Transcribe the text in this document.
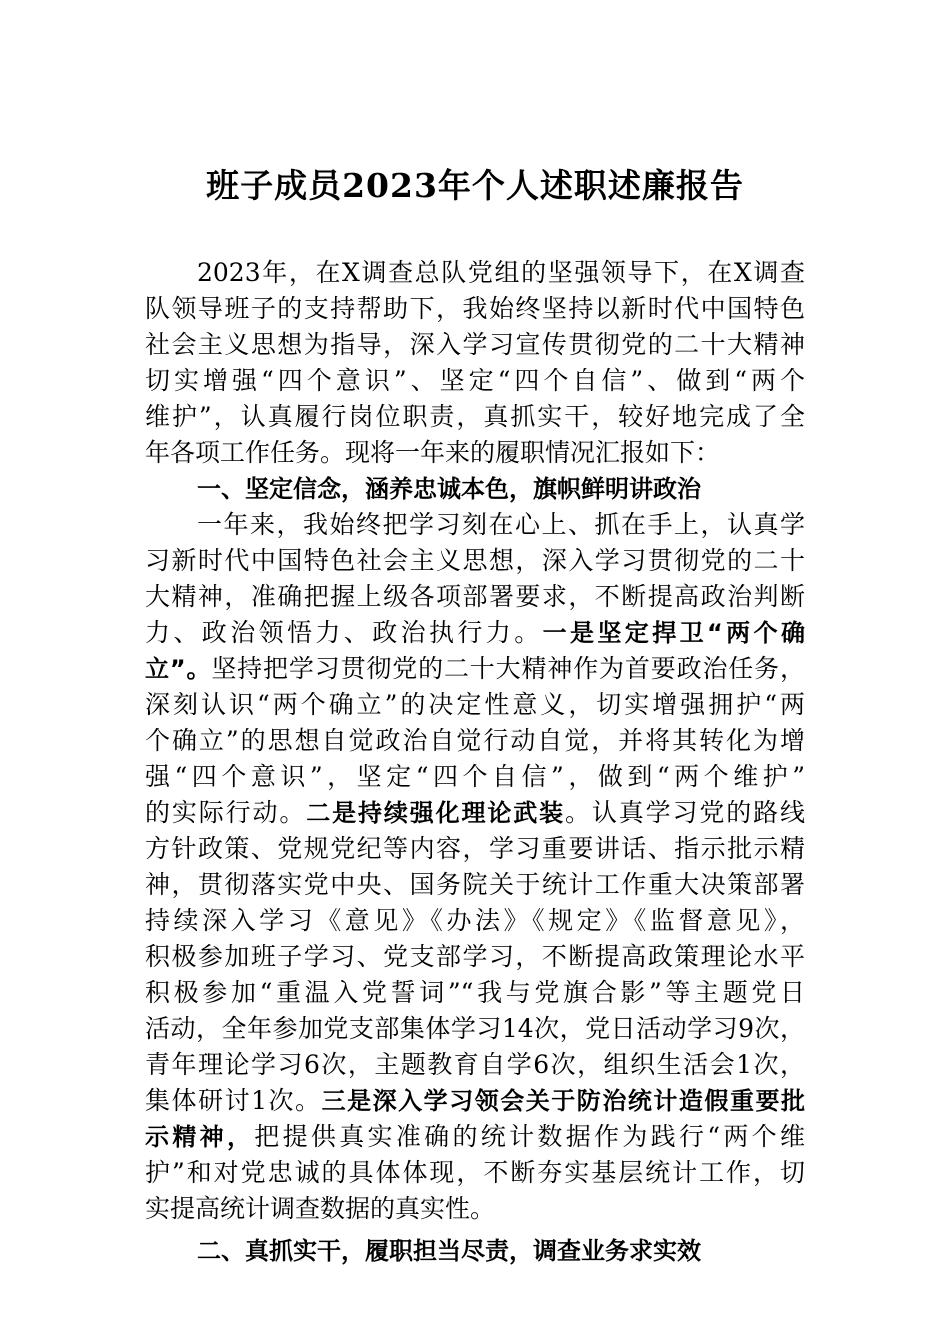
班子成员2023年个人述职述廉报告
2023年，在X调查总队党组的坚强领导下，在X调查
队领导班子的支持帮助下，我始终坚持以新时代中国特色
社会主义思想为指导，深入学习宣传贯彻党的二十大精神
切实增强“四个意识”、坚定“四个自信”、做到“两个
维护”，认真履行岗位职责，真抓实干，较好地完成了全
年各项工作任务。现将一年来的履职情况汇报如下：
一、坚定信念，涵养忠诚本色，旗帜鲜明讲政治
一年来，我始终把学习刻在心上、抓在手上，认真学
习新时代中国特色社会主义思想，深入学习贯彻党的二十
大精神，准确把握上级各项部署要求，不断提高政治判断
力、政治领悟力、政治执行力。一是坚定捍卫“两个确
立”。坚持把学习贯彻党的二十大精神作为首要政治任务，
深刻认识“两个确立”的决定性意义，切实增强拥护“两
个确立”的思想自觉政治自觉行动自觉，并将其转化为增
强“四个意识”，坚定“四个自信”，做到“两个维护”
的实际行动。二是持续强化理论武装。认真学习党的路线
方针政策、党规党纪等内容，学习重要讲话、指示批示精
神，贯彻落实党中央、国务院关于统计工作重大决策部署
持续深入学习《意见》《办法》《规定》《监督意见》，
积极参加班子学习、党支部学习，不断提高政策理论水平
积极参加“重温入党誓词”“我与党旗合影”等主题党日
活动，全年参加党支部集体学习14次，党日活动学习9次，
青年理论学习6次，主题教育自学6次，组织生活会1次，
集体研讨1次。三是深入学习领会关于防治统计造假重要批
示精神，把提供真实准确的统计数据作为践行“两个维
护”和对党忠诚的具体体现，不断夯实基层统计工作，切
实提高统计调查数据的真实性。
二、真抓实干，履职担当尽责，调查业务求实效
